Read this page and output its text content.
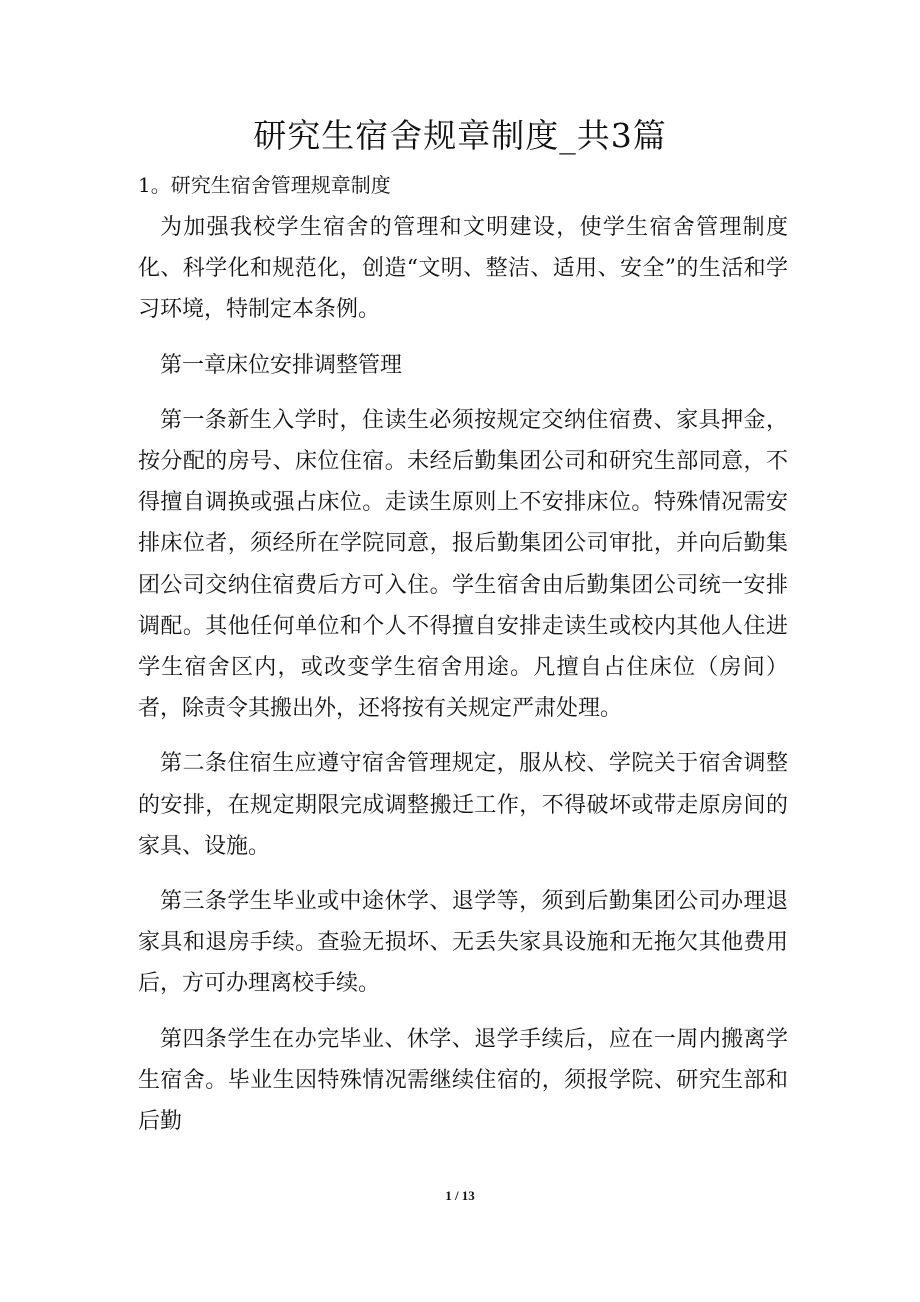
研究生宿舍规章制度_共3篇
1。研究生宿舍管理规章制度

为加强我校学生宿舍的管理和文明建设，使学生宿舍管理制度化、科学化和规范化，创造“文明、整洁、适用、安全”的生活和学习环境，特制定本条例。

第一章床位安排调整管理

第一条新生入学时，住读生必须按规定交纳住宿费、家具押金，按分配的房号、床位住宿。未经后勤集团公司和研究生部同意，不得擅自调换或强占床位。走读生原则上不安排床位。特殊情况需安排床位者，须经所在学院同意，报后勤集团公司审批，并向后勤集团公司交纳住宿费后方可入住。学生宿舍由后勤集团公司统一安排调配。其他任何单位和个人不得擅自安排走读生或校内其他人住进学生宿舍区内，或改变学生宿舍用途。凡擅自占住床位（房间）者，除责令其搬出外，还将按有关规定严肃处理。

第二条住宿生应遵守宿舍管理规定，服从校、学院关于宿舍调整的安排，在规定期限完成调整搬迁工作，不得破坏或带走原房间的家具、设施。

第三条学生毕业或中途休学、退学等，须到后勤集团公司办理退家具和退房手续。查验无损坏、无丢失家具设施和无拖欠其他费用后，方可办理离校手续。

第四条学生在办完毕业、休学、退学手续后，应在一周内搬离学生宿舍。毕业生因特殊情况需继续住宿的，须报学院、研究生部和后勤

1 / 13
